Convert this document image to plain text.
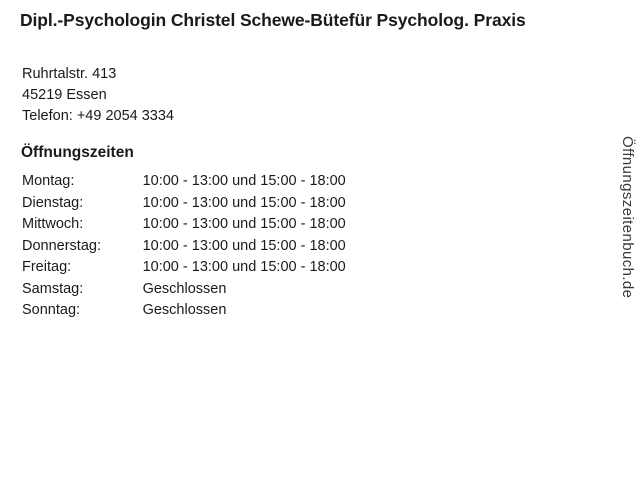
Dipl.-Psychologin Christel Schewe-Bütefür Psycholog. Praxis
Ruhrtalstr. 413
45219 Essen
Telefon: +49 2054 3334
Öffnungszeiten
Montag:	10:00 - 13:00 und 15:00 - 18:00
Dienstag:	10:00 - 13:00 und 15:00 - 18:00
Mittwoch:	10:00 - 13:00 und 15:00 - 18:00
Donnerstag:	10:00 - 13:00 und 15:00 - 18:00
Freitag:	10:00 - 13:00 und 15:00 - 18:00
Samstag:	Geschlossen
Sonntag:	Geschlossen
Öffnungszeitenbuch.de
